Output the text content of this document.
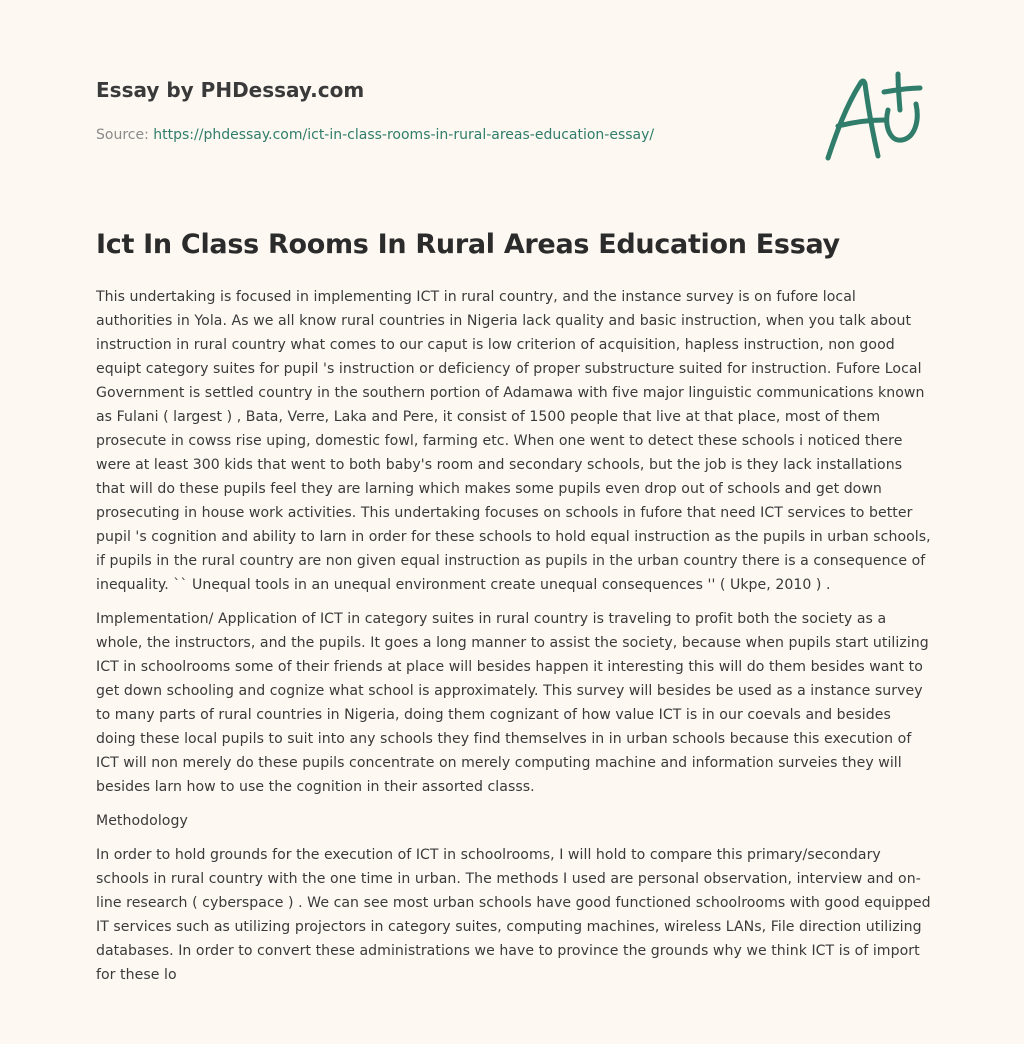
Essay by PHDessay.com
Source: https://phdessay.com/ict-in-class-rooms-in-rural-areas-education-essay/
Ict In Class Rooms In Rural Areas Education Essay

This undertaking is focused in implementing ICT in rural country, and the instance survey is on fufore local authorities in Yola. As we all know rural countries in Nigeria lack quality and basic instruction, when you talk about instruction in rural country what comes to our caput is low criterion of acquisition, hapless instruction, non good equipt category suites for pupil 's instruction or deficiency of proper substructure suited for instruction. Fufore Local Government is settled country in the southern portion of Adamawa with five major linguistic communications known as Fulani ( largest ) , Bata, Verre, Laka and Pere, it consist of 1500 people that live at that place, most of them prosecute in cowss rise uping, domestic fowl, farming etc. When one went to detect these schools i noticed there were at least 300 kids that went to both baby's room and secondary schools, but the job is they lack installations that will do these pupils feel they are larning which makes some pupils even drop out of schools and get down prosecuting in house work activities. This undertaking focuses on schools in fufore that need ICT services to better pupil 's cognition and ability to larn in order for these schools to hold equal instruction as the pupils in urban schools, if pupils in the rural country are non given equal instruction as pupils in the urban country there is a consequence of inequality. `` Unequal tools in an unequal environment create unequal consequences '' ( Ukpe, 2010 ) .

Implementation/ Application of ICT in category suites in rural country is traveling to profit both the society as a whole, the instructors, and the pupils. It goes a long manner to assist the society, because when pupils start utilizing ICT in schoolrooms some of their friends at place will besides happen it interesting this will do them besides want to get down schooling and cognize what school is approximately. This survey will besides be used as a instance survey to many parts of rural countries in Nigeria, doing them cognizant of how value ICT is in our coevals and besides doing these local pupils to suit into any schools they find themselves in in urban schools because this execution of ICT will non merely do these pupils concentrate on merely computing machine and information surveies they will besides larn how to use the cognition in their assorted classs.

Methodology

In order to hold grounds for the execution of ICT in schoolrooms, I will hold to compare this primary/secondary schools in rural country with the one time in urban. The methods I used are personal observation, interview and on-line research ( cyberspace ) . We can see most urban schools have good functioned schoolrooms with good equipped IT services such as utilizing projectors in category suites, computing machines, wireless LANs, File direction utilizing databases. In order to convert these administrations we have to province the grounds why we think ICT is of import for these lo
